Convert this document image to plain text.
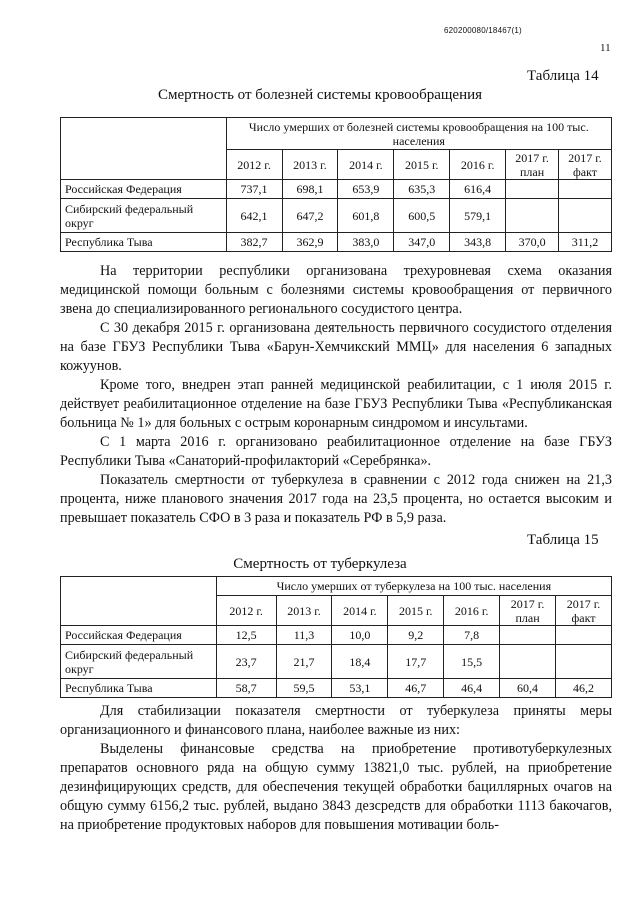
620200080/18467(1)
11
Таблица 14
Смертность от болезней системы кровообращения
	Число умерших от болезней системы кровообращения на 100 тыс. населения						
	2012 г.	2013 г.	2014 г.	2015 г.	2016 г.	2017 г. план	2017 г. факт
Российская Федерация	737,1	698,1	653,9	635,3	616,4		
Сибирский федеральный округ	642,1	647,2	601,8	600,5	579,1		
Республика Тыва	382,7	362,9	383,0	347,0	343,8	370,0	311,2

На территории республики организована трехуровневая схема оказания медицинской помощи больным с болезнями системы кровообращения от первичного звена до специализированного регионального сосудистого центра.

С 30 декабря 2015 г. организована деятельность первичного сосудистого отделения на базе ГБУЗ Республики Тыва «Барун-Хемчикский ММЦ» для населения 6 западных кожуунов.

Кроме того, внедрен этап ранней медицинской реабилитации, с 1 июля 2015 г. действует реабилитационное отделение на базе ГБУЗ Республики Тыва «Республиканская больница № 1» для больных с острым коронарным синдромом и инсультами.

С 1 марта 2016 г. организовано реабилитационное отделение на базе ГБУЗ Республики Тыва «Санаторий-профилакторий «Серебрянка».

Показатель смертности от туберкулеза в сравнении с 2012 года снижен на 21,3 процента, ниже планового значения 2017 года на 23,5 процента, но остается высоким и превышает показатель СФО в 3 раза и показатель РФ в 5,9 раза.

Таблица 15
Смертность от туберкулеза
	Число умерших от туберкулеза на 100 тыс. населения						
	2012 г.	2013 г.	2014 г.	2015 г.	2016 г.	2017 г. план	2017 г. факт
Российская Федерация	12,5	11,3	10,0	9,2	7,8		
Сибирский федеральный округ	23,7	21,7	18,4	17,7	15,5		
Республика Тыва	58,7	59,5	53,1	46,7	46,4	60,4	46,2

Для стабилизации показателя смертности от туберкулеза приняты меры организационного и финансового плана, наиболее важные из них:

Выделены финансовые средства на приобретение противотуберкулезных препаратов основного ряда на общую сумму 13821,0 тыс. рублей, на приобретение дезинфицирующих средств, для обеспечения текущей обработки бациллярных очагов на общую сумму 6156,2 тыс. рублей, выдано 3843 дезсредств для обработки 1113 бакочагов, на приобретение продуктовых наборов для повышения мотивации боль-
